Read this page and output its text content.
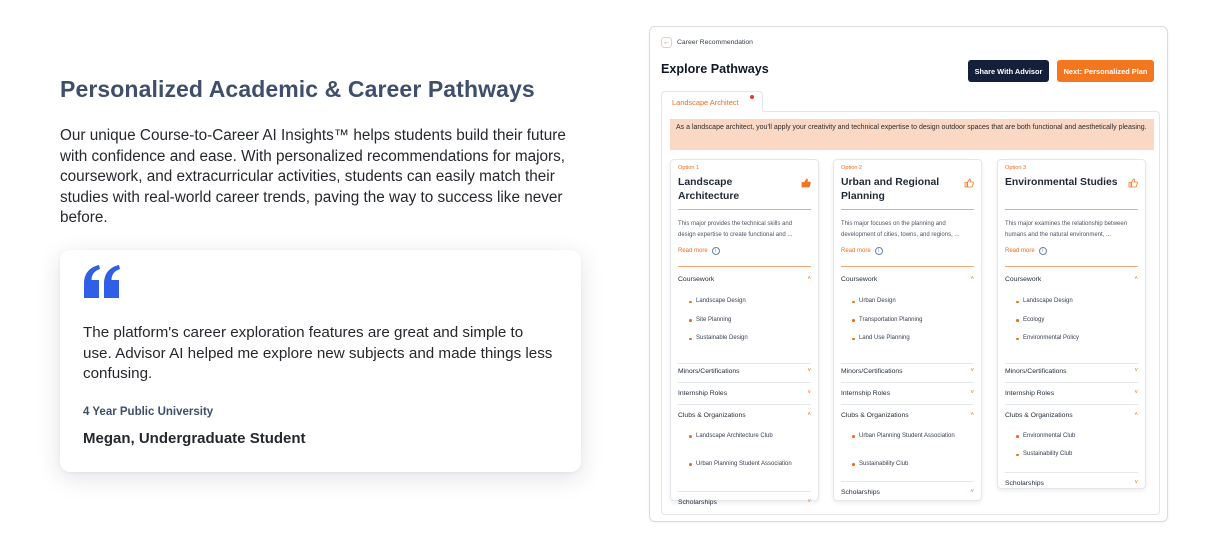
Personalized Academic & Career Pathways

Our unique Course-to-Career AI Insights™ helps students build their future with confidence and ease. With personalized recommendations for majors, coursework, and extracurricular activities, students can easily match their studies with real-world career trends, paving the way to success like never before.

The platform's career exploration features are great and simple to use. Advisor AI helped me explore new subjects and made things less confusing.

4 Year Public University
Megan, Undergraduate Student
← Career Recommendation
Explore Pathways	Share With Advisor	Next: Personalized Plan
Landscape Architect
As a landscape architect, you'll apply your creativity and technical expertise to design outdoor spaces that are both functional and aesthetically pleasing.
Option 1
Landscape Architecture
This major provides the technical skills and design expertise to create functional and ...
Read more	i
Coursework	˄
Landscape Design
Site Planning
Sustainable Design
Minors/Certifications	˅
Internship Roles	˅
Clubs & Organizations	˄
Landscape Architecture Club
Urban Planning Student Association
Scholarships	˅
Option 2
Urban and Regional Planning
This major focuses on the planning and development of cities, towns, and regions, ...
Read more	i
Coursework	˄
Urban Design
Transportation Planning
Land Use Planning
Minors/Certifications	˅
Internship Roles	˅
Clubs & Organizations	˄
Urban Planning Student Association
Sustainability Club
Scholarships	˅
Option 3
Environmental Studies
This major examines the relationship between humans and the natural environment, ...
Read more	i
Coursework	˄
Landscape Design
Ecology
Environmental Policy
Minors/Certifications	˅
Internship Roles	˅
Clubs & Organizations	˄
Environmental Club
Sustainability Club
Scholarships	˅
